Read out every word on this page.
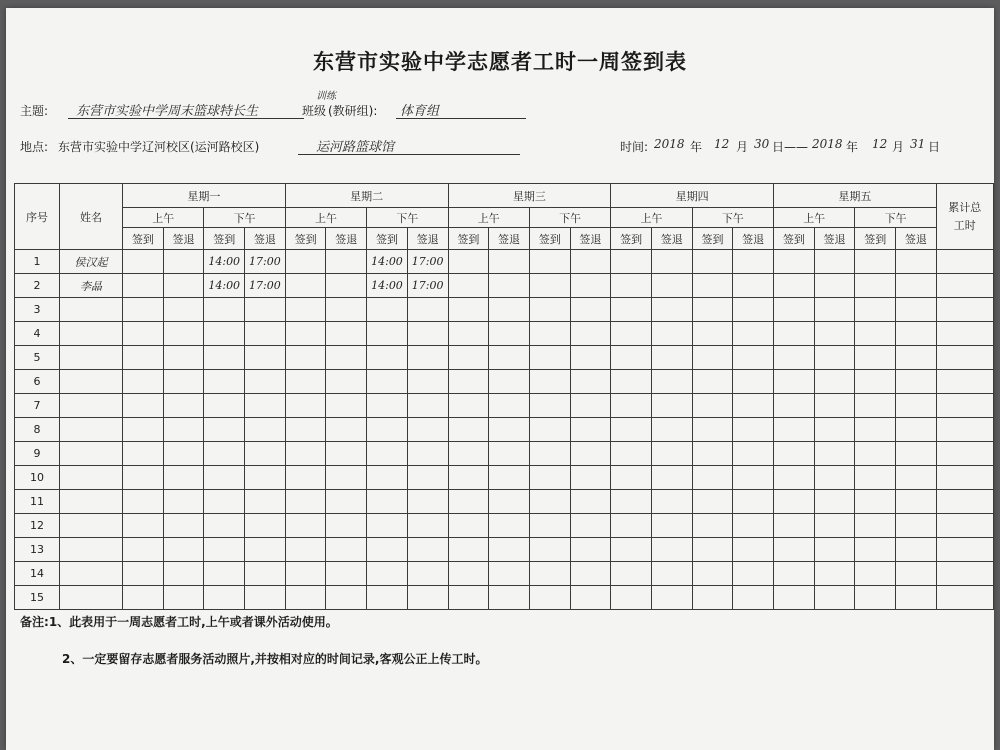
东营市实验中学志愿者工时一周签到表
主题: 东营市实验中学周末篮球特长生
训练
班级 (教研组): 体育组
地点: 东营市实验中学辽河校区(运河路校区)	运河路篮球馆	时间: 2018 年 12 月 30 日—— 2018 年 12 月 31 日
序号	姓名	星期一				星期二				星期三				星期四				星期五				累计总工时
		上午		下午		上午		下午		上午		下午		上午		下午		上午		下午		
		签到	签退	签到	签退	签到	签退	签到	签退	签到	签退	签到	签退	签到	签退	签到	签退	签到	签退	签到	签退	
1	侯汉起			14:00	17:00			14:00	17:00													
2	李晶			14:00	17:00			14:00	17:00													
3																						
4																						
5																						
6																						
7																						
8																						
9																						
10																						
11																						
12																						
13																						
14																						
15																						
备注:1、此表用于一周志愿者工时,上午或者课外活动使用。
2、一定要留存志愿者服务活动照片,并按相对应的时间记录,客观公正上传工时。
